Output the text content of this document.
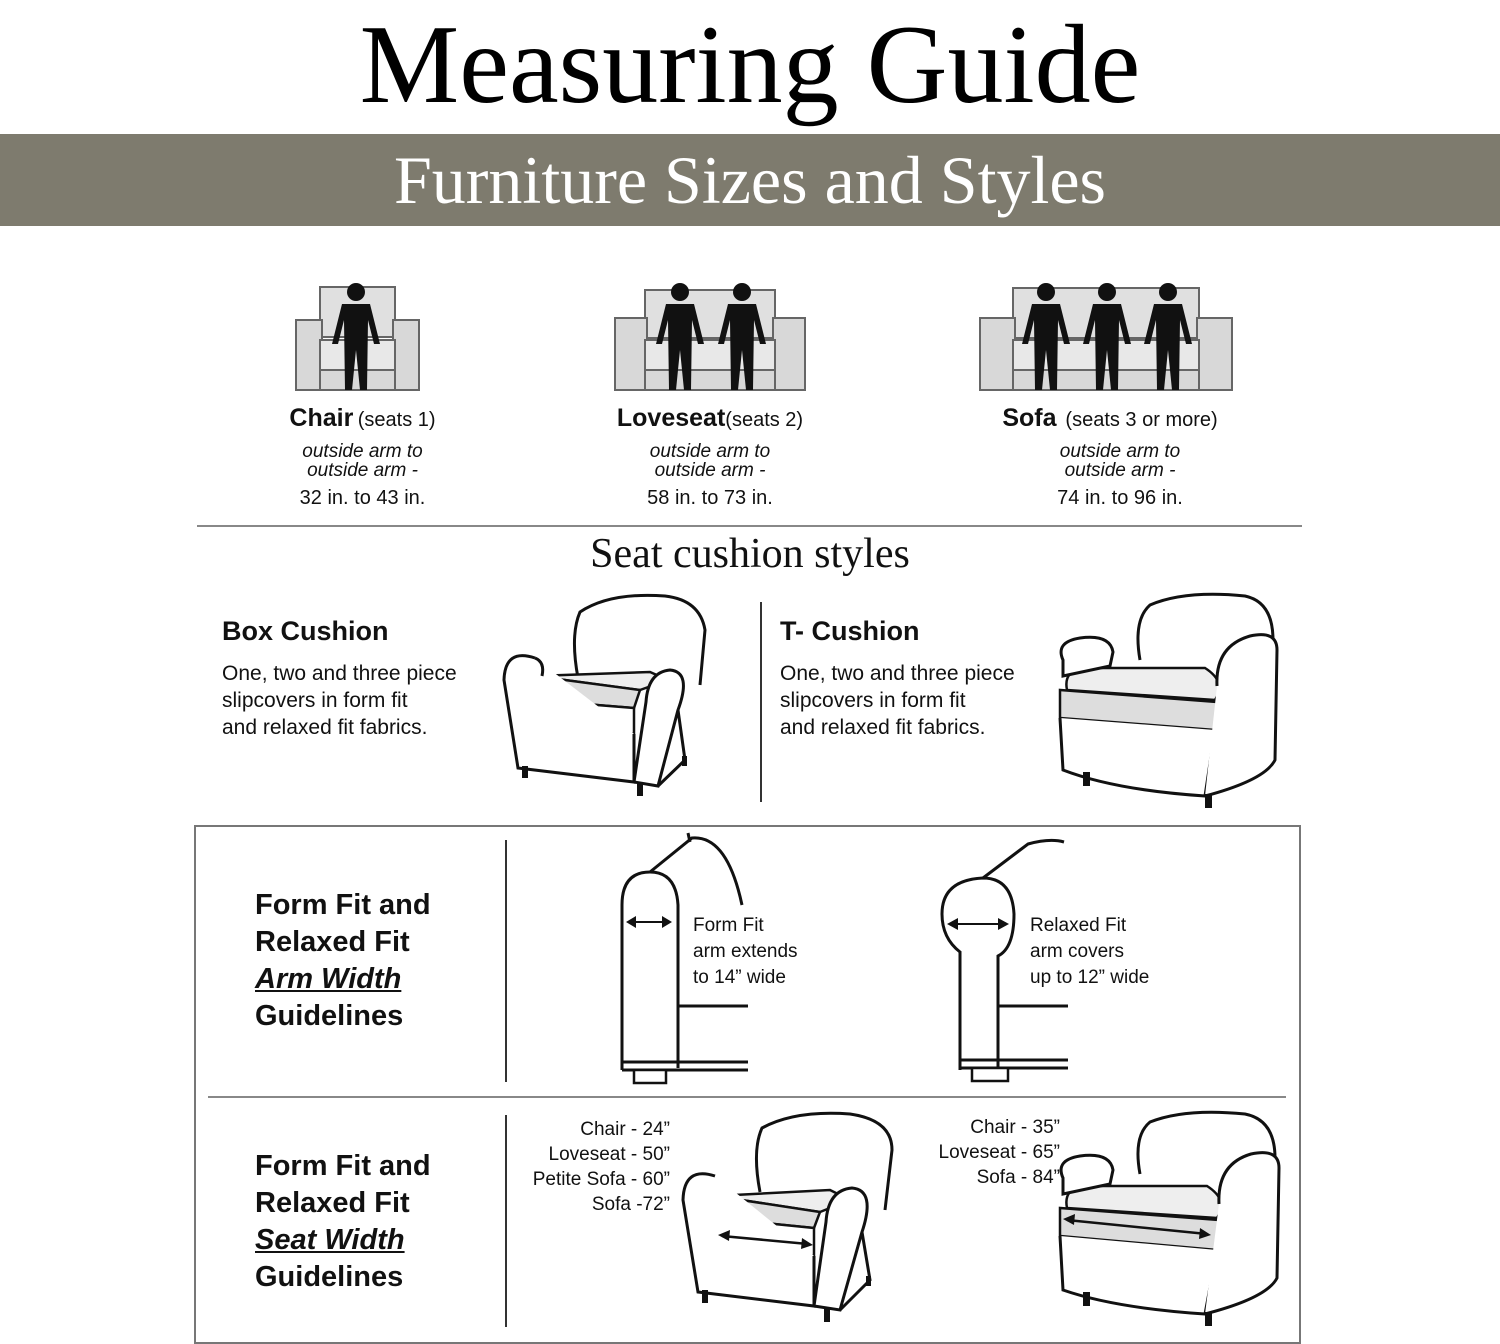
Measuring Guide
Furniture Sizes and Styles
Chair (seats 1)
outside arm to
outside arm -
32 in. to 43 in.
Loveseat(seats 2)
outside arm to
outside arm -
58 in. to 73 in.
Sofa (seats 3 or more)
outside arm to
outside arm -
74 in. to 96 in.
Seat cushion styles
Box Cushion
One, two and three piece
slipcovers in form fit
and relaxed fit fabrics.
T- Cushion
One, two and three piece
slipcovers in form fit
and relaxed fit fabrics.
Form Fit and
Relaxed Fit
Arm Width
Guidelines
Form Fit
arm extends
to 14” wide
Relaxed Fit
arm covers
up to 12” wide
Form Fit and
Relaxed Fit
Seat Width
Guidelines
Chair - 24”
Loveseat - 50”
Petite Sofa - 60”
Sofa -72”
Chair - 35”
Loveseat - 65”
Sofa - 84”
